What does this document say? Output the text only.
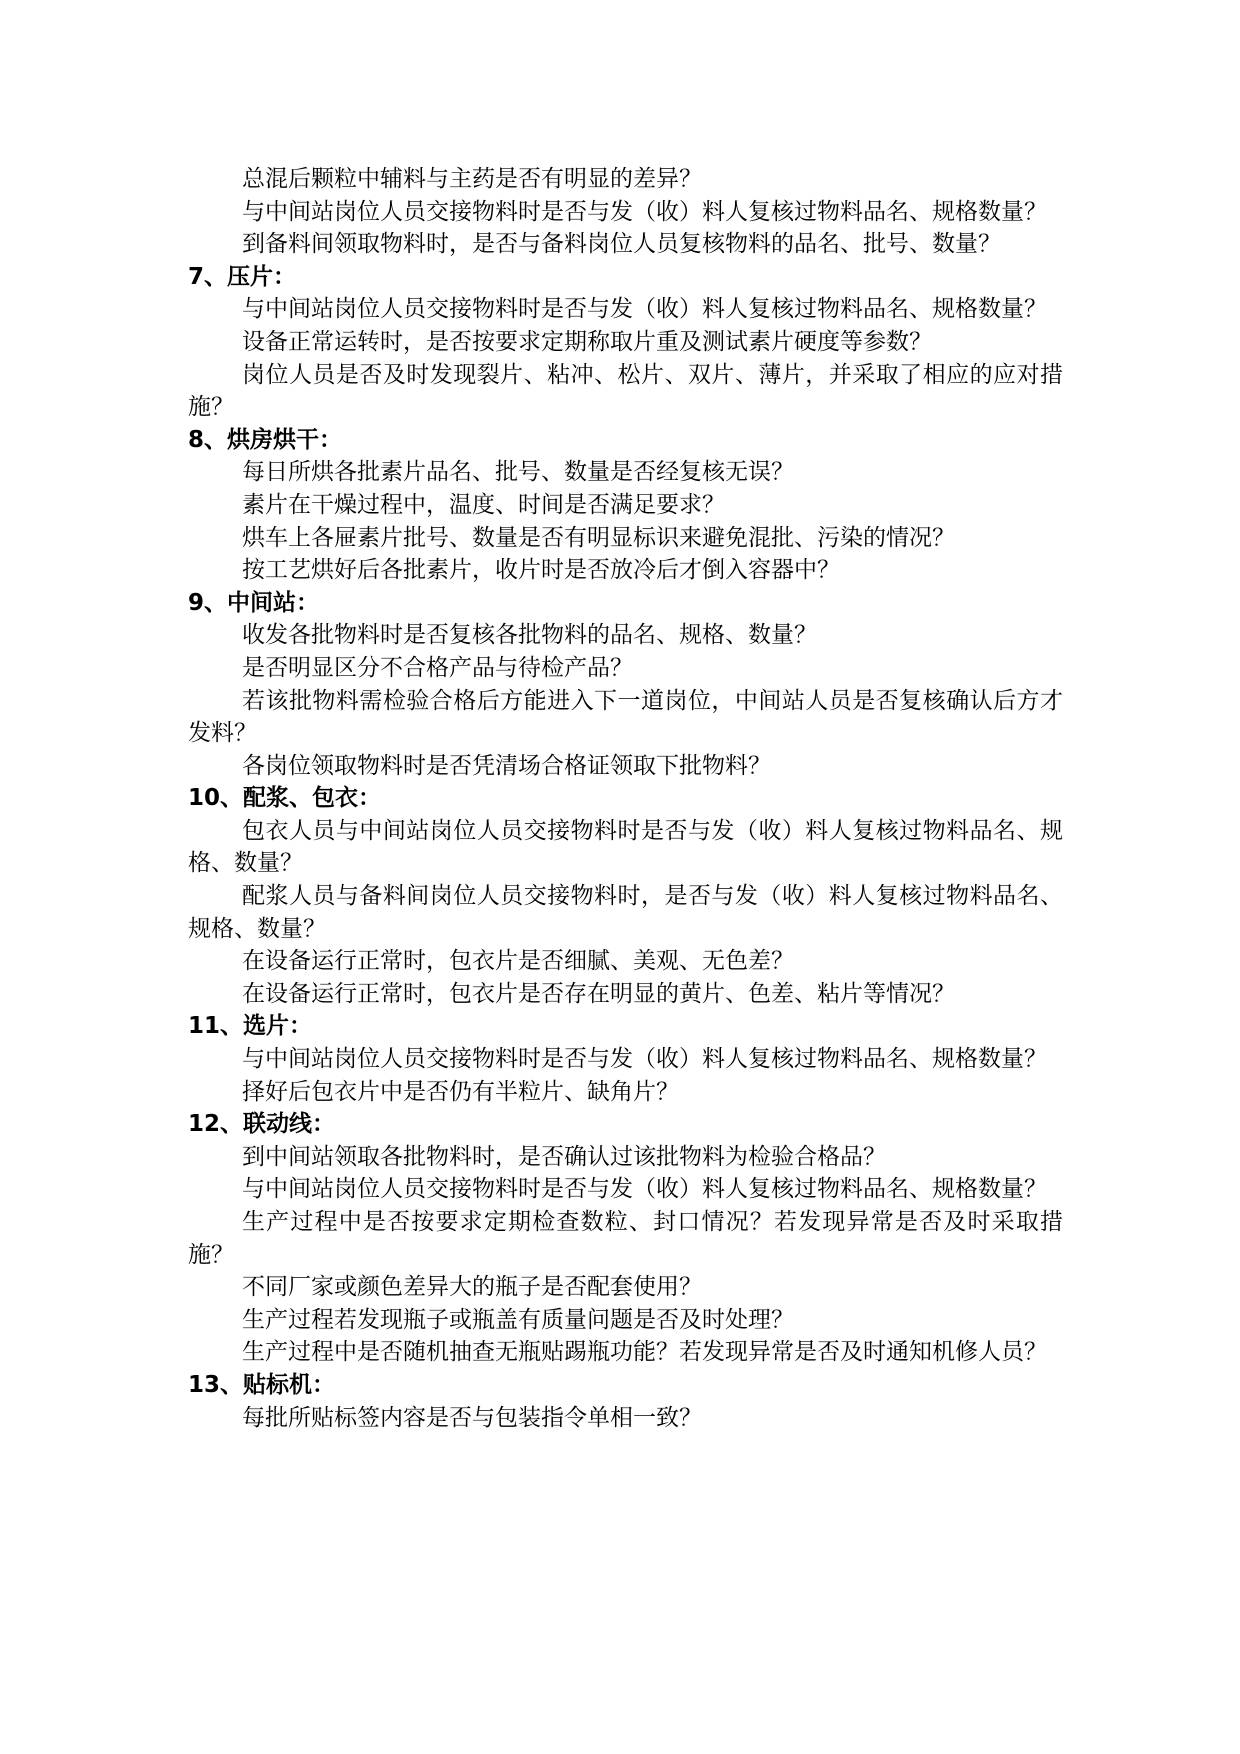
总混后颗粒中辅料与主药是否有明显的差异？

与中间站岗位人员交接物料时是否与发（收）料人复核过物料品名、规格数量？

到备料间领取物料时，是否与备料岗位人员复核物料的品名、批号、数量？

7、压片：

与中间站岗位人员交接物料时是否与发（收）料人复核过物料品名、规格数量？

设备正常运转时，是否按要求定期称取片重及测试素片硬度等参数？

岗位人员是否及时发现裂片、粘冲、松片、双片、薄片，并采取了相应的应对措施？

8、烘房烘干：

每日所烘各批素片品名、批号、数量是否经复核无误？

素片在干燥过程中，温度、时间是否满足要求？

烘车上各屉素片批号、数量是否有明显标识来避免混批、污染的情况？

按工艺烘好后各批素片，收片时是否放冷后才倒入容器中？

9、中间站：

收发各批物料时是否复核各批物料的品名、规格、数量？

是否明显区分不合格产品与待检产品？

若该批物料需检验合格后方能进入下一道岗位，中间站人员是否复核确认后方才发料？

各岗位领取物料时是否凭清场合格证领取下批物料？

10、配浆、包衣：

包衣人员与中间站岗位人员交接物料时是否与发（收）料人复核过物料品名、规格、数量？

配浆人员与备料间岗位人员交接物料时，是否与发（收）料人复核过物料品名、规格、数量？

在设备运行正常时，包衣片是否细腻、美观、无色差？

在设备运行正常时，包衣片是否存在明显的黄片、色差、粘片等情况？

11、选片：

与中间站岗位人员交接物料时是否与发（收）料人复核过物料品名、规格数量？

择好后包衣片中是否仍有半粒片、缺角片？

12、联动线：

到中间站领取各批物料时，是否确认过该批物料为检验合格品？

与中间站岗位人员交接物料时是否与发（收）料人复核过物料品名、规格数量？

生产过程中是否按要求定期检查数粒、封口情况？若发现异常是否及时采取措施？

不同厂家或颜色差异大的瓶子是否配套使用？

生产过程若发现瓶子或瓶盖有质量问题是否及时处理？

生产过程中是否随机抽查无瓶贴踢瓶功能？若发现异常是否及时通知机修人员？

13、贴标机：

每批所贴标签内容是否与包装指令单相一致？
